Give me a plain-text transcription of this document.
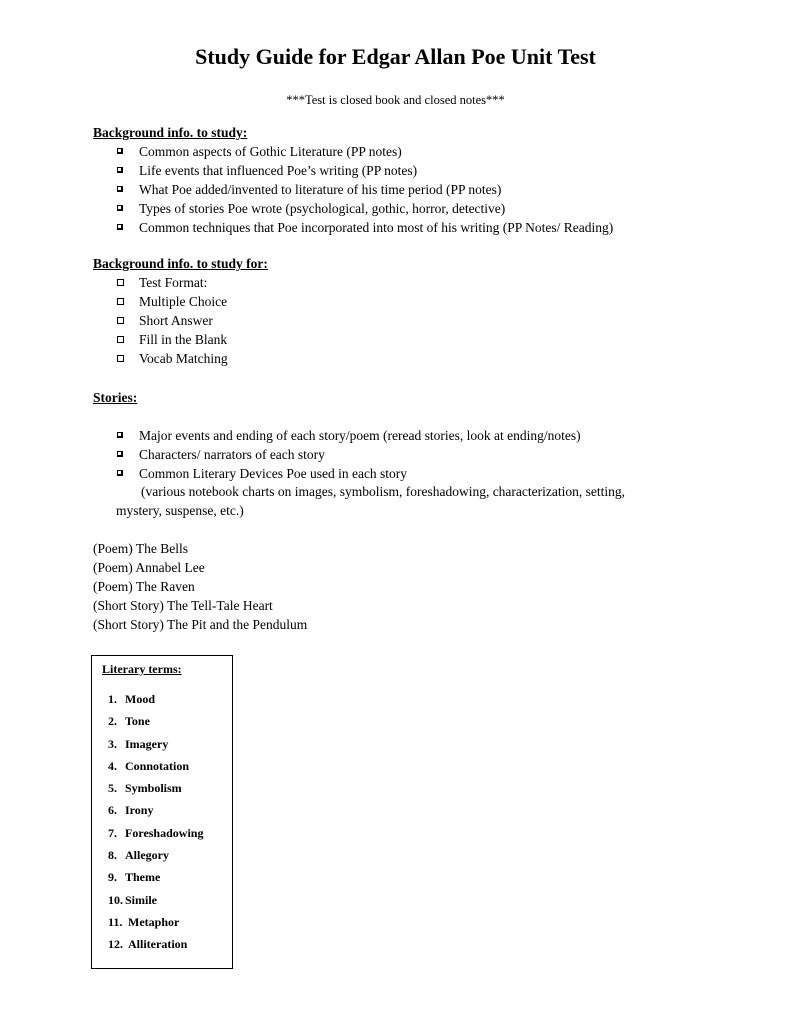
Study Guide for Edgar Allan Poe Unit Test
***Test is closed book and closed notes***
Background info. to study:
Common aspects of Gothic Literature (PP notes)
Life events that influenced Poe’s writing (PP notes)
What Poe added/invented to literature of his time period (PP notes)
Types of stories Poe wrote (psychological, gothic, horror, detective)
Common techniques that Poe incorporated into most of his writing (PP Notes/ Reading)
Background info. to study for:
Test Format:
Multiple Choice
Short Answer
Fill in the Blank
Vocab Matching
Stories:
Major events and ending of each story/poem (reread stories, look at ending/notes)
Characters/ narrators of each story
Common Literary Devices Poe used in each story
(various notebook charts on images, symbolism, foreshadowing, characterization, setting,
mystery, suspense, etc.)
(Poem) The Bells
(Poem) Annabel Lee
(Poem) The Raven
(Short Story) The Tell-Tale Heart
(Short Story) The Pit and the Pendulum
Literary terms:
1. Mood
2. Tone
3. Imagery
4. Connotation
5. Symbolism
6. Irony
7. Foreshadowing
8. Allegory
9. Theme
10. Simile
11. Metaphor
12. Alliteration
